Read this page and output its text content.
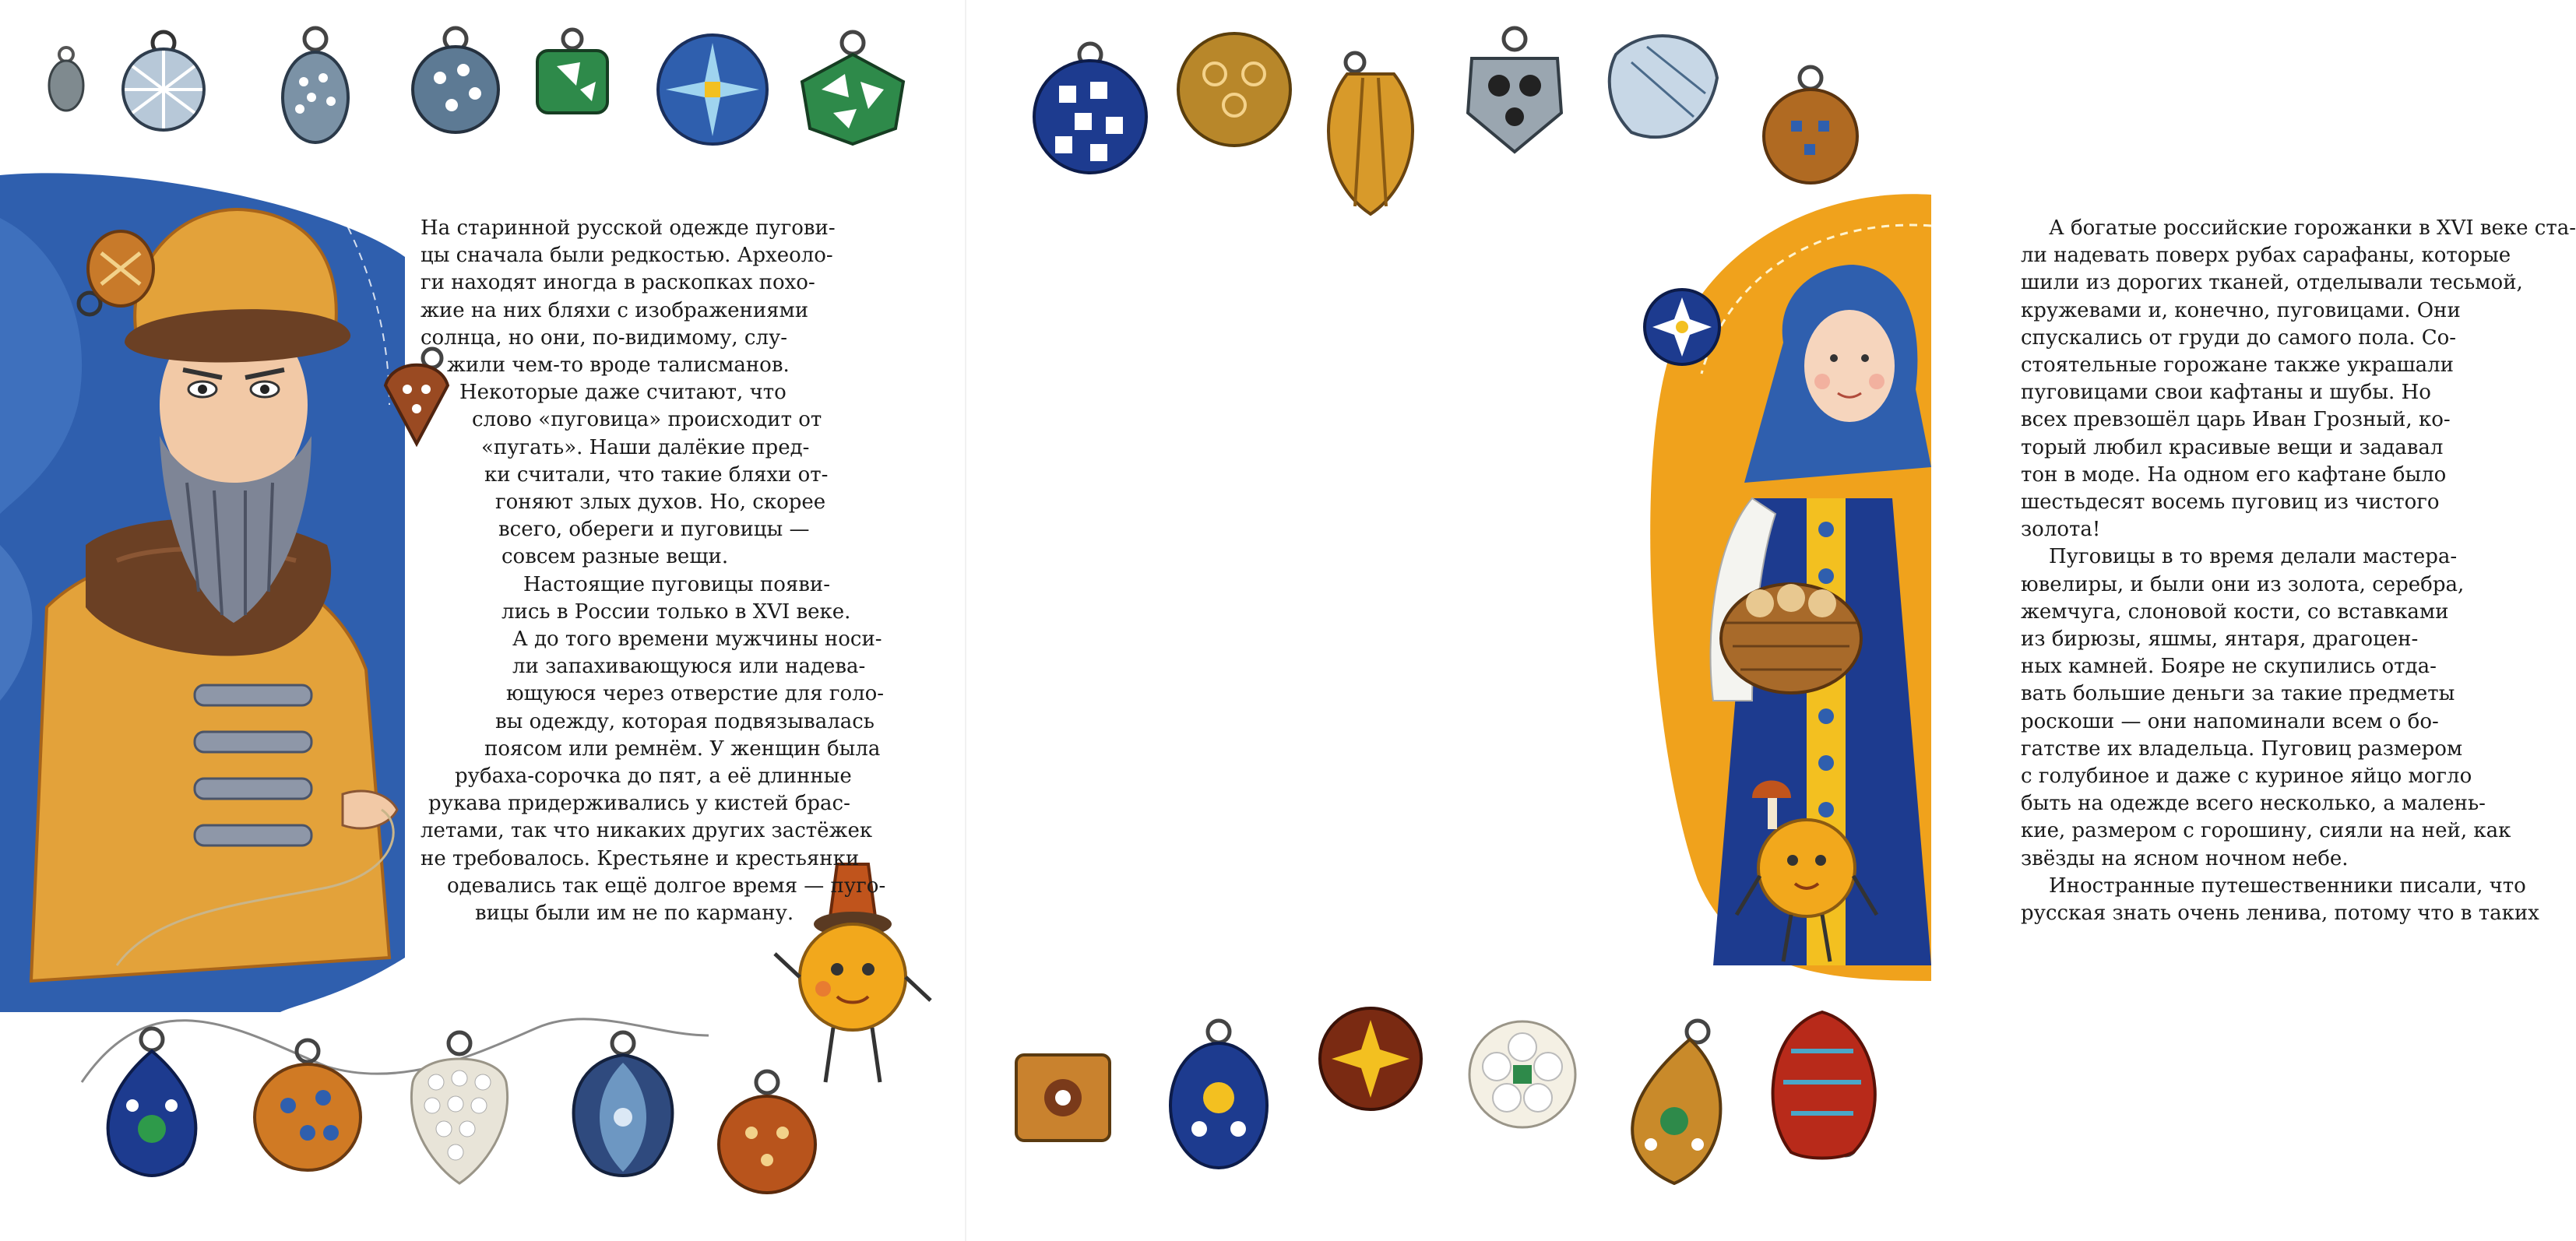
На старинной русской одежде пугови-
цы сначала были редкостью. Археоло-
ги находят иногда в раскопках похо-
жие на них бляхи с изображениями
солнца, но они, по-видимому, слу-
жили чем-то вроде талисманов.
Некоторые даже считают, что
слово «пуговица» происходит от
«пугать». Наши далёкие пред-
ки считали, что такие бляхи от-
гоняют злых духов. Но, скорее
всего, обереги и пуговицы —
совсем разные вещи.
Настоящие пуговицы появи-
лись в России только в XVI веке.
А до того времени мужчины носи-
ли запахивающуюся или надева-
ющуюся через отверстие для голо-
вы одежду, которая подвязывалась
поясом или ремнём. У женщин была
рубаха-сорочка до пят, а её длинные
рукава придерживались у кистей брас-
летами, так что никаких других застёжек
не требовалось. Крестьяне и крестьянки
одевались так ещё долгое время — пуго-
вицы были им не по карману.
А богатые российские горожанки в XVI веке ста-
ли надевать поверх рубах сарафаны, которые
шили из дорогих тканей, отделывали тесьмой,
кружевами и, конечно, пуговицами. Они
спускались от груди до самого пола. Со-
стоятельные горожане также украшали
пуговицами свои кафтаны и шубы. Но
всех превзошёл царь Иван Грозный, ко-
торый любил красивые вещи и задавал
тон в моде. На одном его кафтане было
шестьдесят восемь пуговиц из чистого
золота!
Пуговицы в то время делали мастера-
ювелиры, и были они из золота, серебра,
жемчуга, слоновой кости, со вставками
из бирюзы, яшмы, янтаря, драгоцен-
ных камней. Бояре не скупились отда-
вать большие деньги за такие предметы
роскоши — они напоминали всем о бо-
гатстве их владельца. Пуговиц размером
с голубиное и даже с куриное яйцо могло
быть на одежде всего несколько, а малень-
кие, размером с горошину, сияли на ней, как
звёзды на ясном ночном небе.
Иностранные путешественники писали, что
русская знать очень ленива, потому что в таких
